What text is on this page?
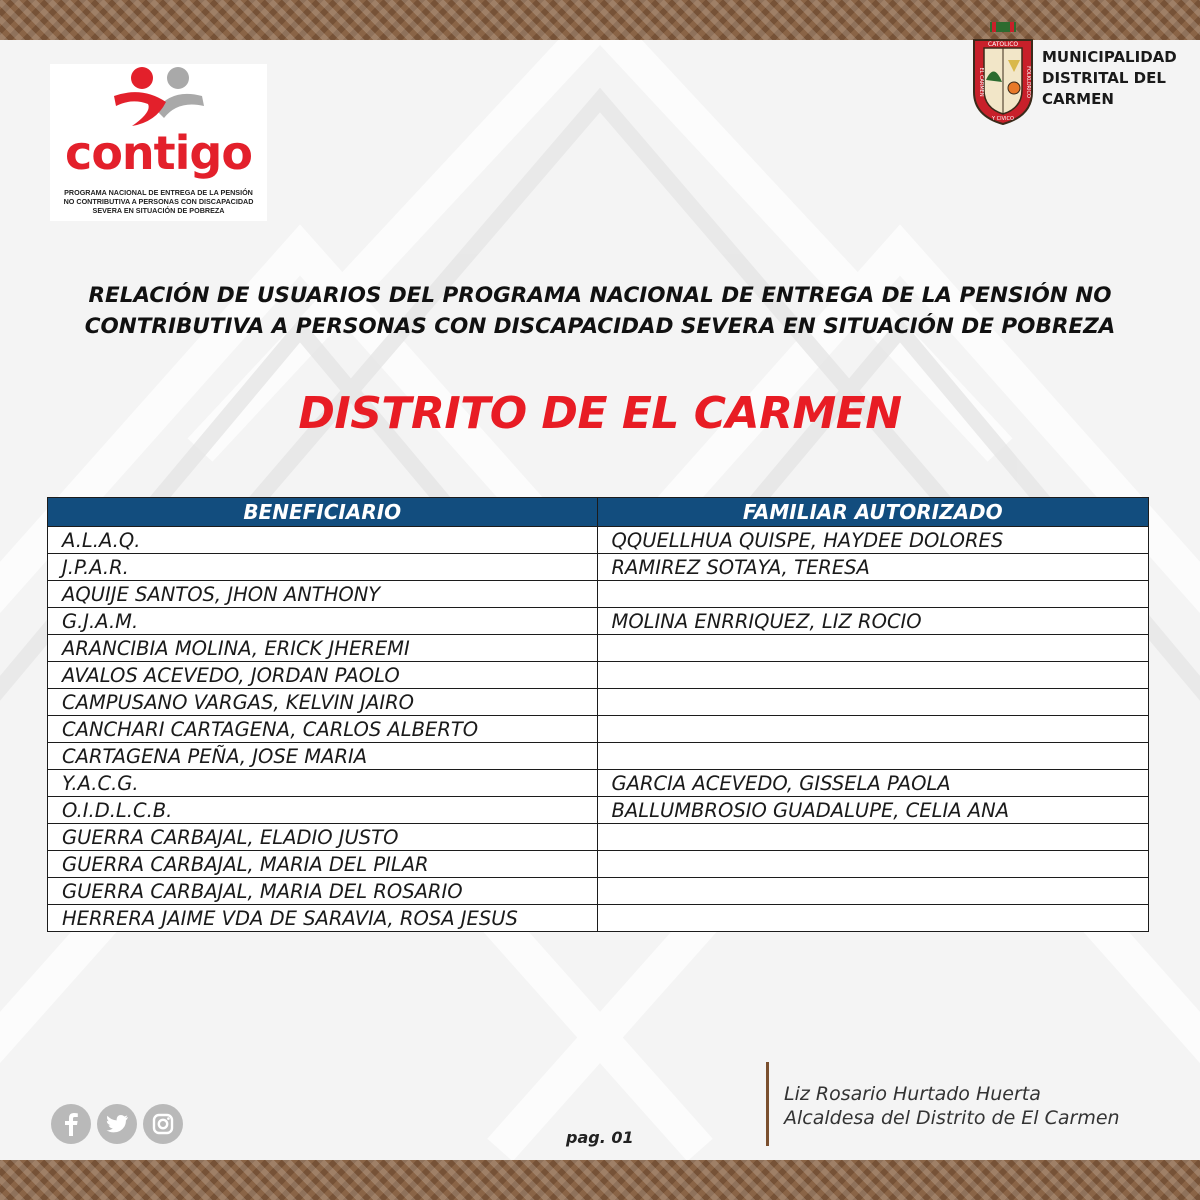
contigo
PROGRAMA NACIONAL DE ENTREGA DE LA PENSIÓN
NO CONTRIBUTIVA A PERSONAS CON DISCAPACIDAD
SEVERA EN SITUACIÓN DE POBREZA
CATOLICO
EL CARMEN	FOLKLORICO
Y CIVICO
MUNICIPALIDAD
DISTRITAL DEL
CARMEN
RELACIÓN DE USUARIOS DEL PROGRAMA NACIONAL DE ENTREGA DE LA PENSIÓN NO
CONTRIBUTIVA A PERSONAS CON DISCAPACIDAD SEVERA EN SITUACIÓN DE POBREZA
DISTRITO DE EL CARMEN
BENEFICIARIO	FAMILIAR AUTORIZADO
A.L.A.Q.	QQUELLHUA QUISPE, HAYDEE DOLORES
J.P.A.R.	RAMIREZ SOTAYA, TERESA
AQUIJE SANTOS, JHON ANTHONY	
G.J.A.M.	MOLINA ENRRIQUEZ, LIZ ROCIO
ARANCIBIA MOLINA, ERICK JHEREMI	
AVALOS ACEVEDO, JORDAN PAOLO	
CAMPUSANO VARGAS, KELVIN JAIRO	
CANCHARI CARTAGENA, CARLOS ALBERTO	
CARTAGENA PEÑA, JOSE MARIA	
Y.A.C.G.	GARCIA ACEVEDO, GISSELA PAOLA
O.I.D.L.C.B.	BALLUMBROSIO GUADALUPE, CELIA ANA
GUERRA CARBAJAL, ELADIO JUSTO	
GUERRA CARBAJAL, MARIA DEL PILAR	
GUERRA CARBAJAL, MARIA DEL ROSARIO	
HERRERA JAIME VDA DE SARAVIA, ROSA JESUS	
pag. 01
Liz Rosario Hurtado Huerta
Alcaldesa del Distrito de El Carmen
